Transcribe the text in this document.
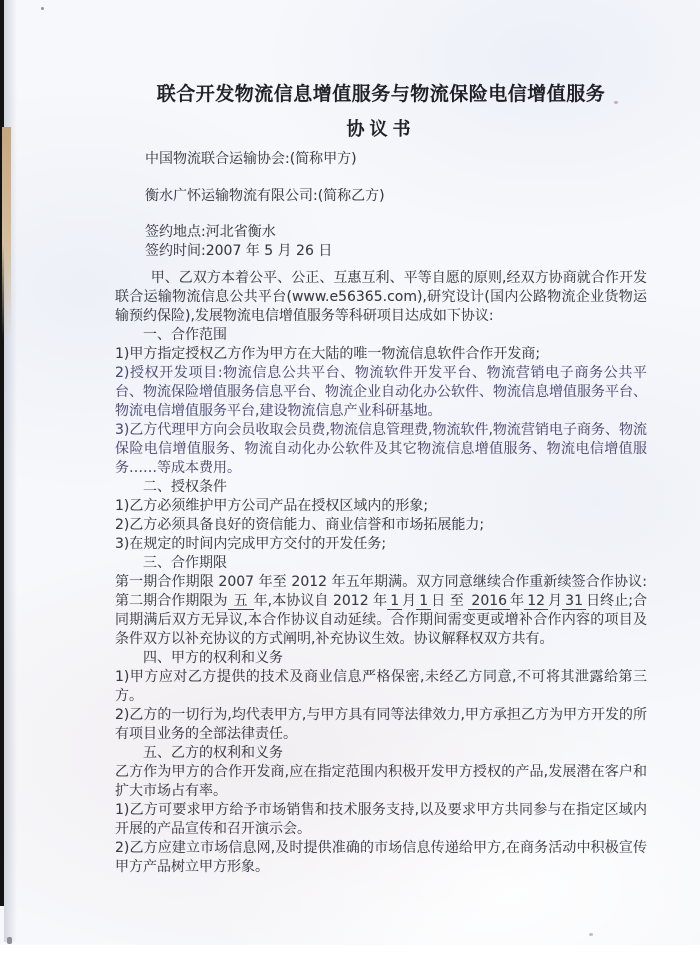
联合开发物流信息增值服务与物流保险电信增值服务

协议书

中国物流联合运输协会:(简称甲方)

衡水广怀运输物流有限公司:(简称乙方)

签约地点:河北省衡水

签约时间:2007 年 5 月 26 日

甲、乙双方本着公平、公正、互惠互利、平等自愿的原则,经双方协商就合作开发联合运输物流信息公共平台(www.e56365.com),研究设计(国内公路物流企业货物运输预约保险),发展物流电信增值服务等科研项目达成如下协议:

一、合作范围

1)甲方指定授权乙方作为甲方在大陆的唯一物流信息软件合作开发商;

2)授权开发项目:物流信息公共平台、物流软件开发平台、物流营销电子商务公共平台、物流保险增值服务信息平台、物流企业自动化办公软件、物流信息增值服务平台、物流电信增值服务平台,建设物流信息产业科研基地。

3)乙方代理甲方向会员收取会员费,物流信息管理费,物流软件,物流营销电子商务、物流保险电信增值服务、物流自动化办公软件及其它物流信息增值服务、物流电信增值服务……等成本费用。

二、授权条件

1)乙方必须维护甲方公司产品在授权区域内的形象;

2)乙方必须具备良好的资信能力、商业信誉和市场拓展能力;

3)在规定的时间内完成甲方交付的开发任务;

三、合作期限

第一期合作期限 2007 年至 2012 年五年期满。双方同意继续合作重新续签合作协议:第二期合作期限为 五 年,本协议自 2012 年 1 月 1 日 至 2016 年 12 月 31 日终止;合同期满后双方无异议,本合作协议自动延续。合作期间需变更或增补合作内容的项目及条件双方以补充协议的方式阐明,补充协议生效。协议解释权双方共有。

四、甲方的权利和义务

1)甲方应对乙方提供的技术及商业信息严格保密,未经乙方同意,不可将其泄露给第三方。

2)乙方的一切行为,均代表甲方,与甲方具有同等法律效力,甲方承担乙方为甲方开发的所有项目业务的全部法律责任。

五、乙方的权利和义务

乙方作为甲方的合作开发商,应在指定范围内积极开发甲方授权的产品,发展潜在客户和扩大市场占有率。

1)乙方可要求甲方给予市场销售和技术服务支持,以及要求甲方共同参与在指定区域内开展的产品宣传和召开演示会。

2)乙方应建立市场信息网,及时提供准确的市场信息传递给甲方,在商务活动中积极宣传甲方产品树立甲方形象。
